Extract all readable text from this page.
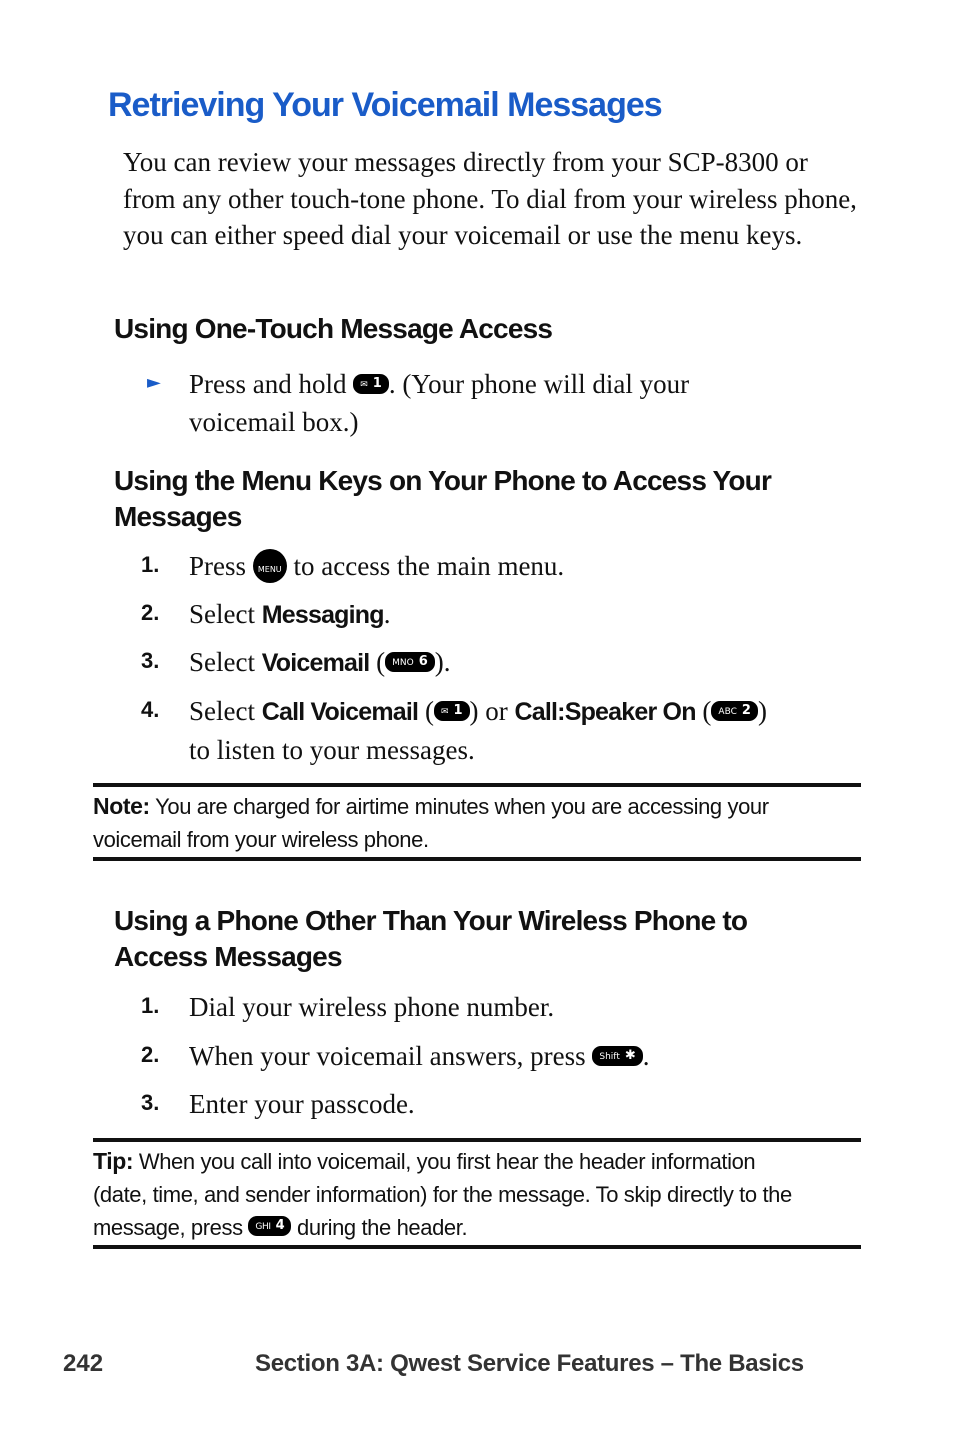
Retrieving Your Voicemail Messages

You can review your messages directly from your SCP-8300 or from any other touch-tone phone. To dial from your wireless phone, you can either speed dial your voicemail or use the menu keys.

Using One-Touch Message Access
► Press and hold ✉ 1 . (Your phone will dial your
voicemail box.)
Using the Menu Keys on Your Phone to Access Your
Messages
1. Press	MENU

OK
to access the main menu.
2. Select Messaging.
3. Select Voicemail ( MNO 6 ).
4. Select Call Voicemail ( ✉ 1 ) or Call:Speaker On ( ABC 2 )
to listen to your messages.
Note: You are charged for airtime minutes when you are accessing your
voicemail from your wireless phone.
Using a Phone Other Than Your Wireless Phone to
Access Messages
1. Dial your wireless phone number.
2. When your voicemail answers, press Shift ✱ .
3. Enter your passcode.
Tip: When you call into voicemail, you first hear the header information
(date, time, and sender information) for the message. To skip directly to the
message, press GHI 4 during the header.
242	Section 3A: Qwest Service Features – The Basics
